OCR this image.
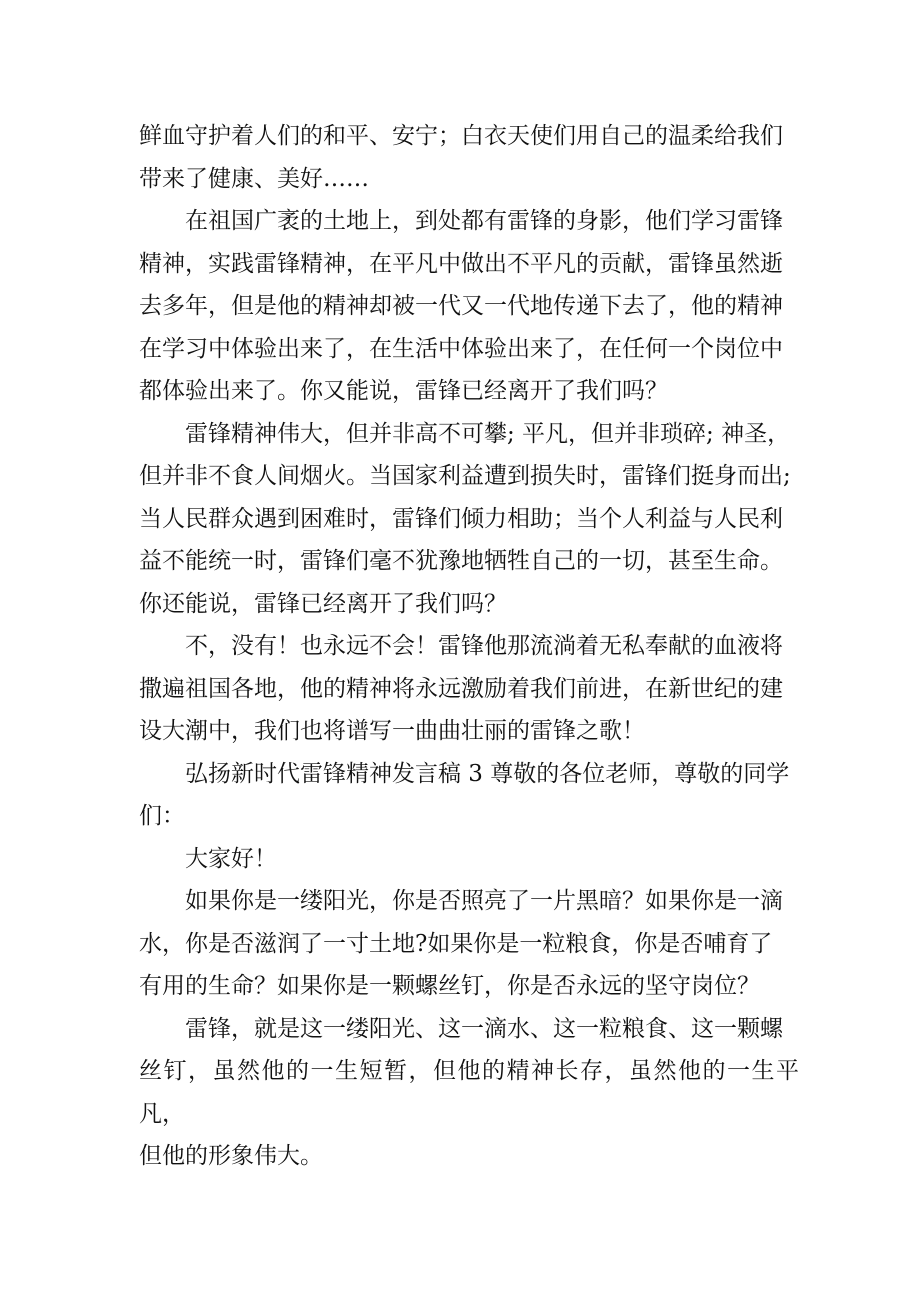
鲜血守护着人们的和平、安宁；白衣天使们用自己的温柔给我们
带来了健康、美好……

在祖国广袤的土地上，到处都有雷锋的身影，他们学习雷锋
精神，实践雷锋精神，在平凡中做出不平凡的贡献，雷锋虽然逝
去多年，但是他的精神却被一代又一代地传递下去了，他的精神
在学习中体验出来了，在生活中体验出来了，在任何一个岗位中
都体验出来了。你又能说，雷锋已经离开了我们吗？

雷锋精神伟大，但并非高不可攀; 平凡，但并非琐碎; 神圣，
但并非不食人间烟火。当国家利益遭到损失时，雷锋们挺身而出;
当人民群众遇到困难时，雷锋们倾力相助；当个人利益与人民利
益不能统一时，雷锋们毫不犹豫地牺牲自己的一切，甚至生命。
你还能说，雷锋已经离开了我们吗？

不，没有！也永远不会！雷锋他那流淌着无私奉献的血液将
撒遍祖国各地，他的精神将永远激励着我们前进，在新世纪的建
设大潮中，我们也将谱写一曲曲壮丽的雷锋之歌！

弘扬新时代雷锋精神发言稿 3 尊敬的各位老师，尊敬的同学
们：

大家好！

如果你是一缕阳光，你是否照亮了一片黑暗？如果你是一滴
水，你是否滋润了一寸土地?如果你是一粒粮食，你是否哺育了
有用的生命？如果你是一颗螺丝钉，你是否永远的坚守岗位？

雷锋，就是这一缕阳光、这一滴水、这一粒粮食、这一颗螺
丝钉，虽然他的一生短暂，但他的精神长存，虽然他的一生平凡，
但他的形象伟大。
